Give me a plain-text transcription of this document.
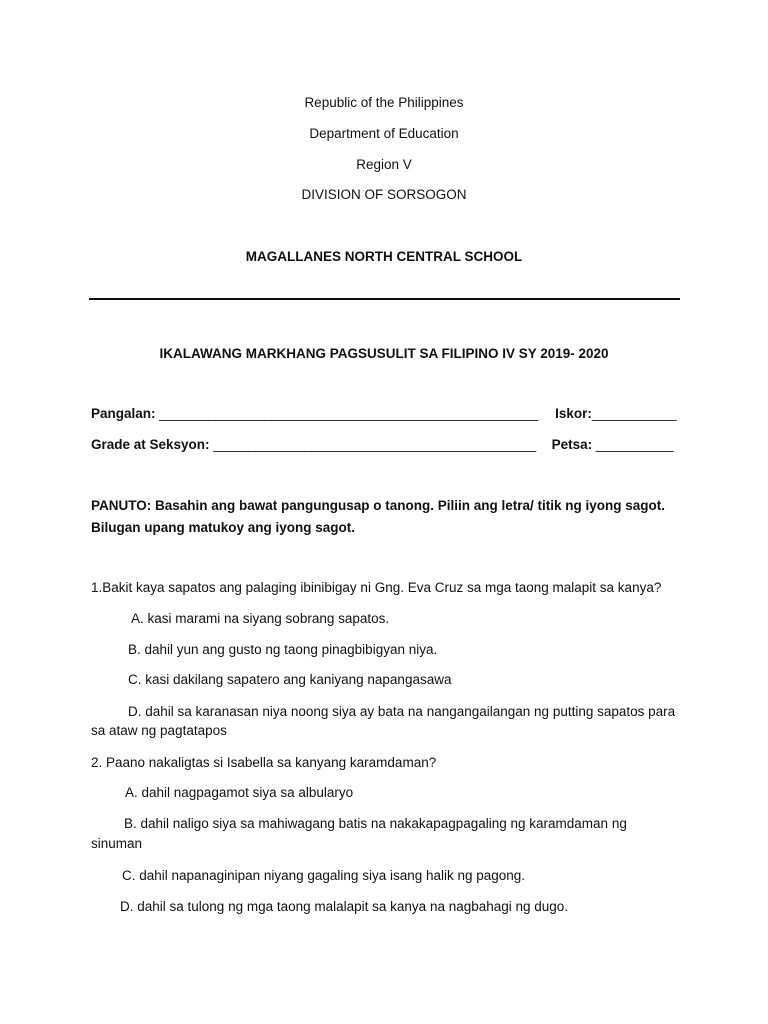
Republic of the Philippines
Department of Education
Region V
DIVISION OF SORSOGON
MAGALLANES NORTH CENTRAL SCHOOL
IKALAWANG MARKHANG PAGSUSULIT SA FILIPINO IV SY 2019- 2020
Pangalan: ______________________________________________________ Iskor:____________
Grade at Seksyon: ______________________________________________ Petsa: ___________
PANUTO: Basahin ang bawat pangungusap o tanong. Piliin ang letra/ titik ng iyong sagot.
Bilugan upang matukoy ang iyong sagot.
1.Bakit kaya sapatos ang palaging ibinibigay ni Gng. Eva Cruz sa mga taong malapit sa kanya?
A. kasi marami na siyang sobrang sapatos.
B. dahil yun ang gusto ng taong pinagbibigyan niya.
C. kasi dakilang sapatero ang kaniyang napangasawa
D. dahil sa karanasan niya noong siya ay bata na nangangailangan ng putting sapatos para
sa ataw ng pagtatapos
2. Paano nakaligtas si Isabella sa kanyang karamdaman?
A. dahil nagpagamot siya sa albularyo
B. dahil naligo siya sa mahiwagang batis na nakakapagpagaling ng karamdaman ng
sinuman
C. dahil napanaginipan niyang gagaling siya isang halik ng pagong.
D. dahil sa tulong ng mga taong malalapit sa kanya na nagbahagi ng dugo.
